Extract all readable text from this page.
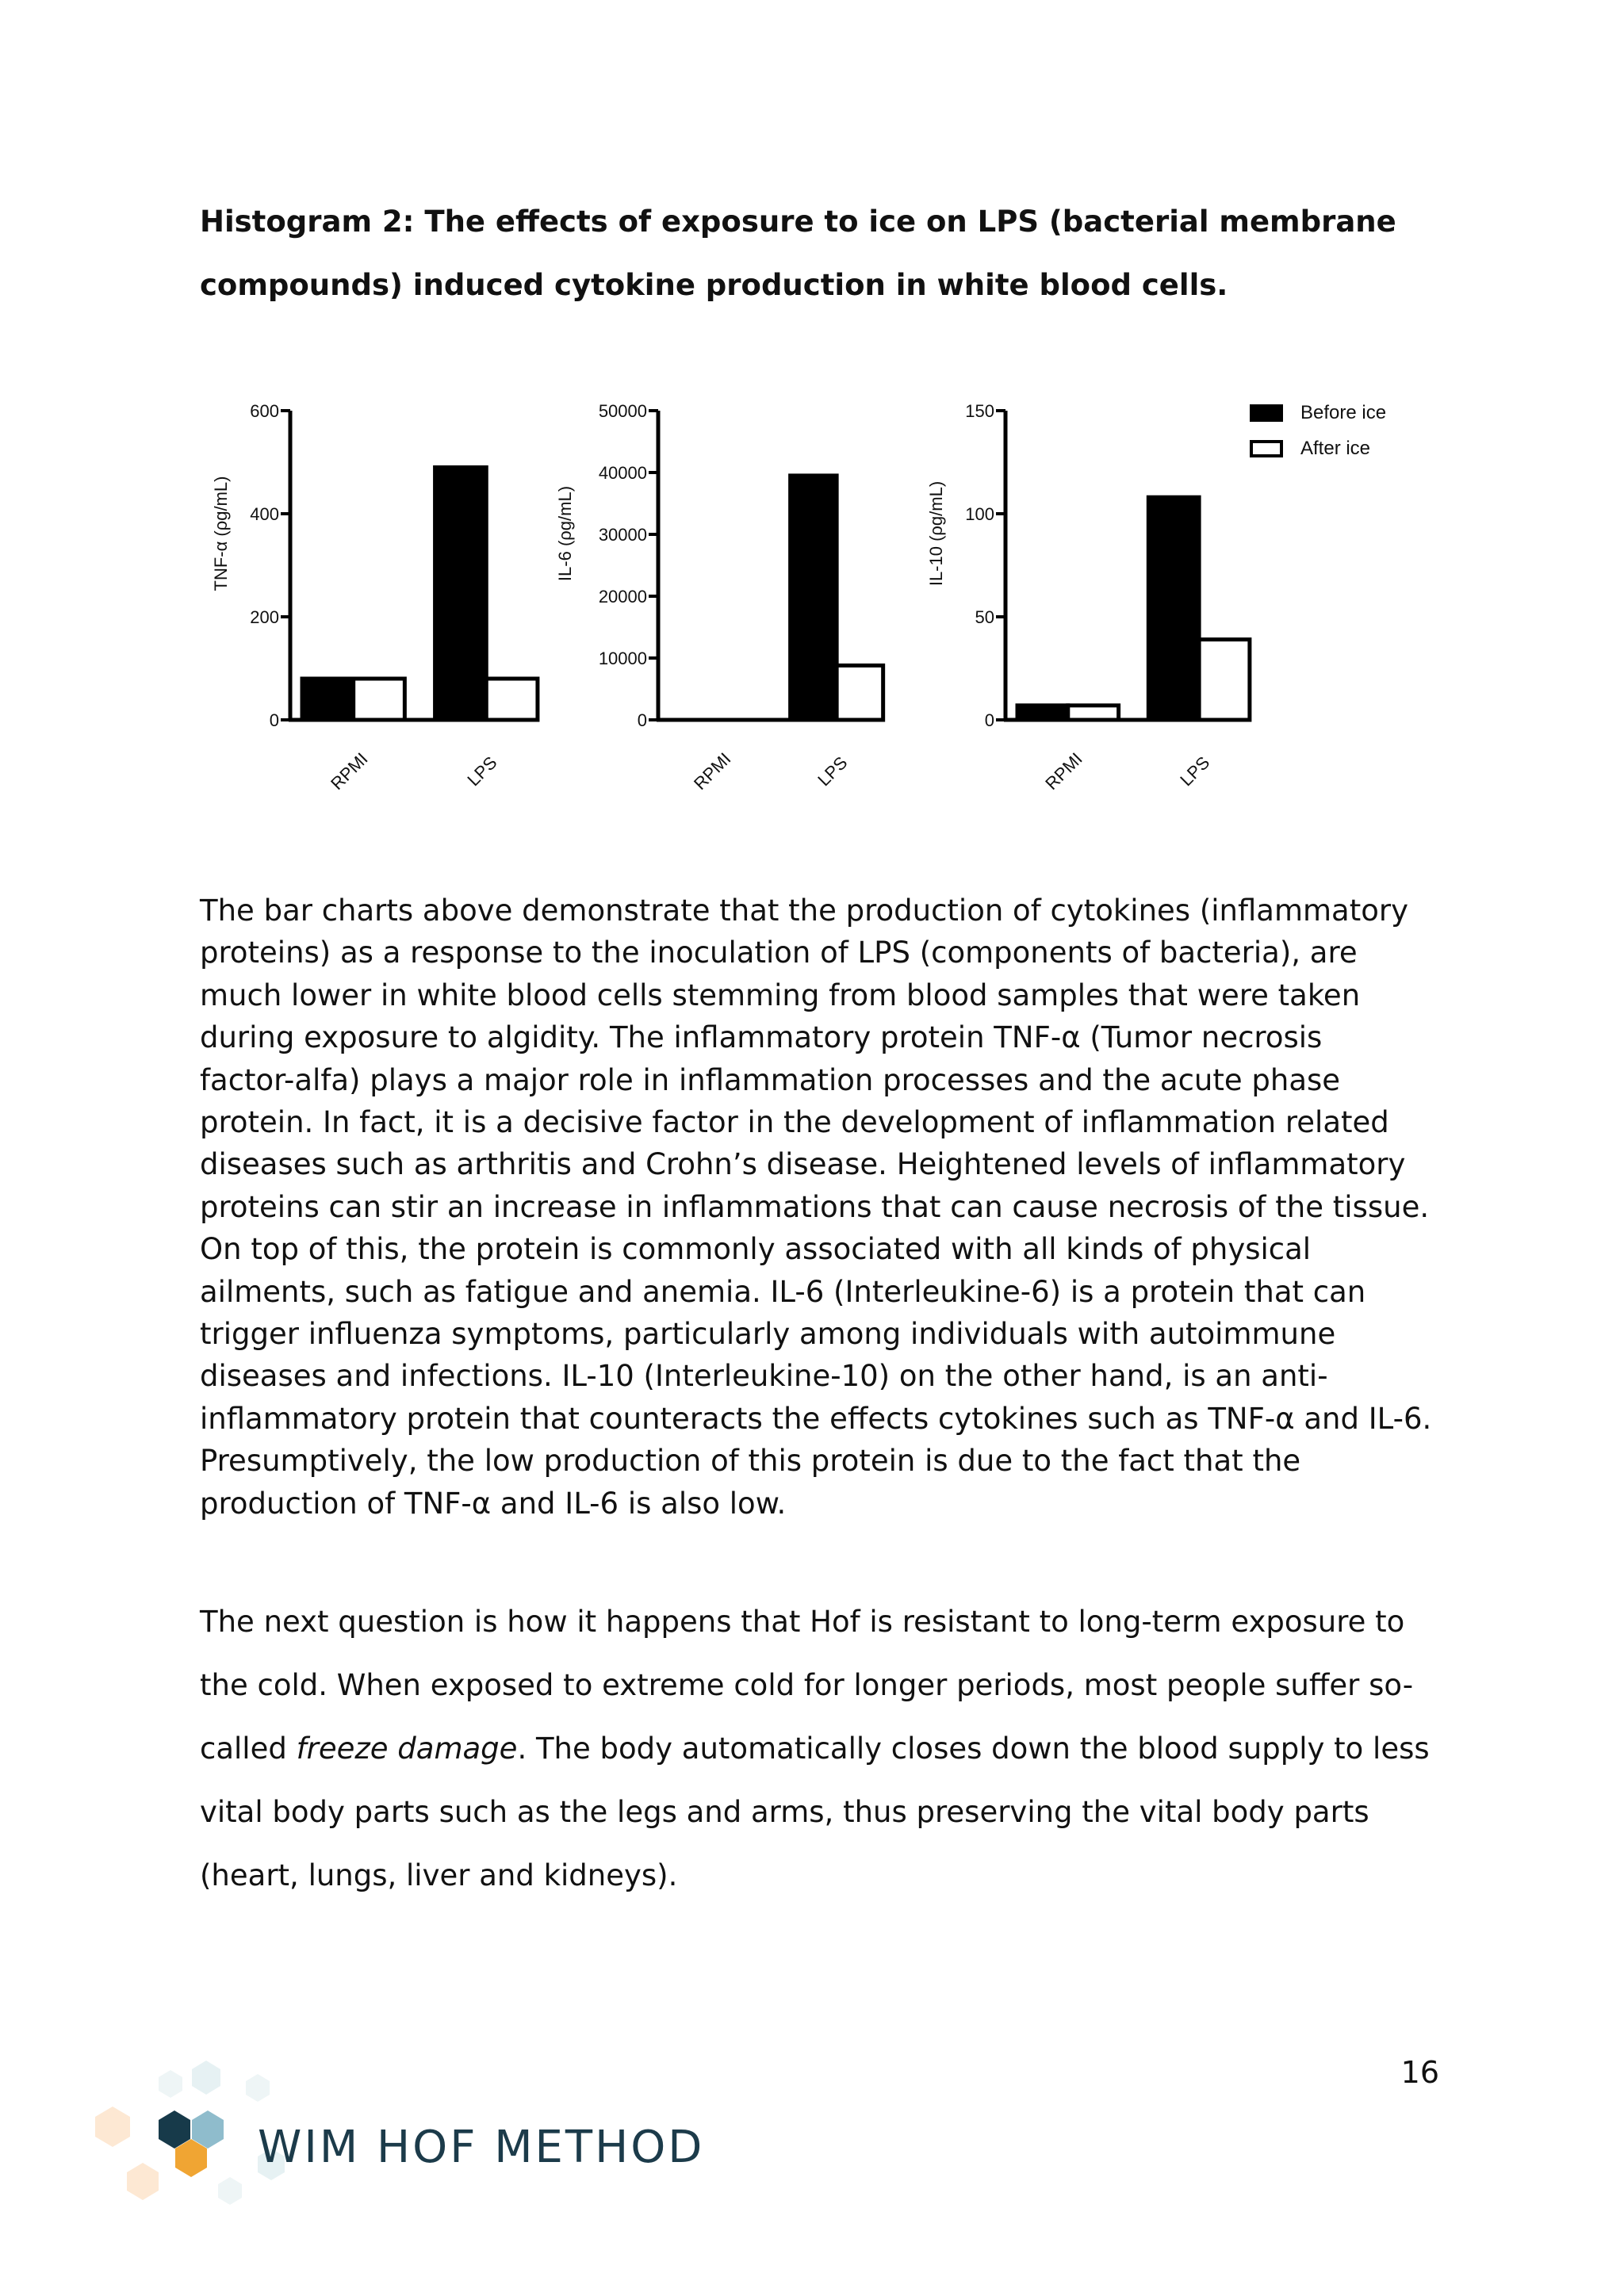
Histogram 2: The effects of exposure to ice on LPS (bacterial membrane
compounds) induced cytokine production in white blood cells.
0
200
400
600
TNF-α (ρg/mL)
RPMI	LPS
0
10000
20000
30000
40000
50000
IL-6 (ρg/mL)
RPMI	LPS
0
50
100
150
IL-10 (ρg/mL)
RPMI	LPS
Before ice
After ice
The bar charts above demonstrate that the production of cytokines (inflammatory
proteins) as a response to the inoculation of LPS (components of bacteria), are
much lower in white blood cells stemming from blood samples that were taken
during exposure to algidity. The inflammatory protein TNF-α (Tumor necrosis
factor-alfa) plays a major role in inflammation processes and the acute phase
protein. In fact, it is a decisive factor in the development of inflammation related
diseases such as arthritis and Crohn’s disease. Heightened levels of inflammatory
proteins can stir an increase in inflammations that can cause necrosis of the tissue.
On top of this, the protein is commonly associated with all kinds of physical
ailments, such as fatigue and anemia. IL-6 (Interleukine-6) is a protein that can
trigger influenza symptoms, particularly among individuals with autoimmune
diseases and infections. IL-10 (Interleukine-10) on the other hand, is an anti-
inflammatory protein that counteracts the effects cytokines such as TNF-α and IL-6.
Presumptively, the low production of this protein is due to the fact that the
production of TNF-α and IL-6 is also low.
The next question is how it happens that Hof is resistant to long-term exposure to
the cold. When exposed to extreme cold for longer periods, most people suffer so-
called freeze damage. The body automatically closes down the blood supply to less
vital body parts such as the legs and arms, thus preserving the vital body parts
(heart, lungs, liver and kidneys).
16
WIM HOF METHOD
